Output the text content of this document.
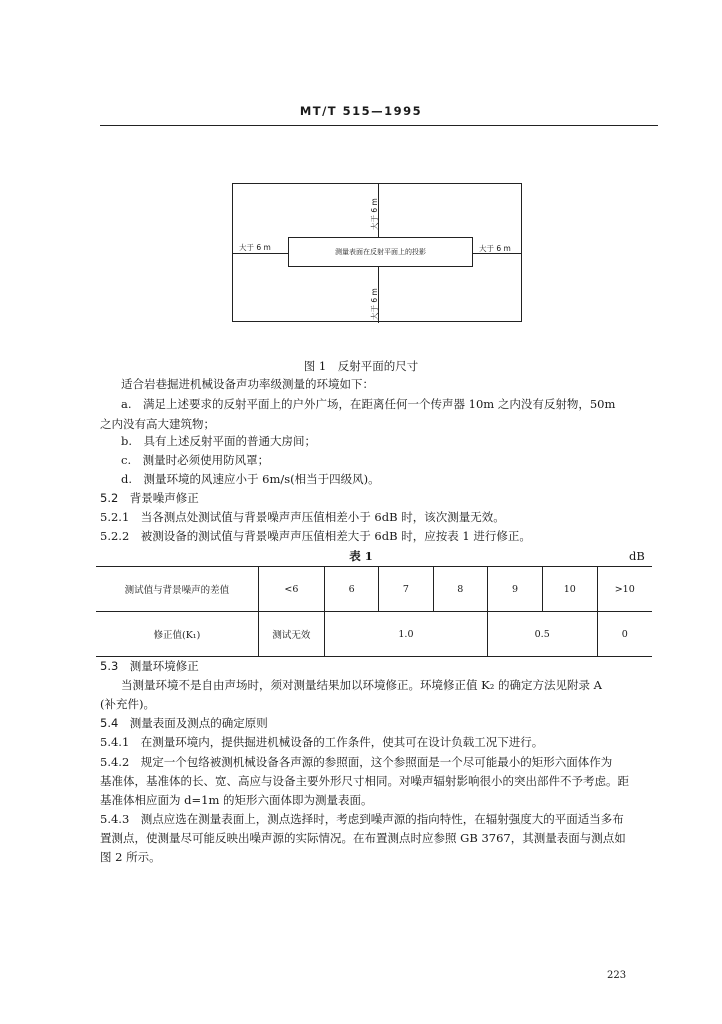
MT/T 515—1995
测量表面在反射平面上的投影
大于 6 m
大于 6 m
大于 6 m	大于 6 m
图 1　反射平面的尺寸
适合岩巷掘进机械设备声功率级测量的环境如下：
a.　满足上述要求的反射平面上的户外广场，在距离任何一个传声器 10m 之内没有反射物，50m
之内没有高大建筑物；
b.　具有上述反射平面的普通大房间；
c.　测量时必须使用防风罩；
d.　测量环境的风速应小于 6m/s(相当于四级风)。
5.2　背景噪声修正
5.2.1　当各测点处测试值与背景噪声声压值相差小于 6dB 时，该次测量无效。
5.2.2　被测设备的测试值与背景噪声声压值相差大于 6dB 时，应按表 1 进行修正。
表 1	dB
测试值与背景噪声的差值	<6	6	7	8	9	10	>10
修正值(K₁)	测试无效	1.0			0.5		0
5.3　测量环境修正
当测量环境不是自由声场时，须对测量结果加以环境修正。环境修正值 K₂ 的确定方法见附录 A
(补充件)。
5.4　测量表面及测点的确定原则
5.4.1　在测量环境内，提供掘进机械设备的工作条件，使其可在设计负载工况下进行。
5.4.2　规定一个包络被测机械设备各声源的参照面，这个参照面是一个尽可能最小的矩形六面体作为
基准体，基准体的长、宽、高应与设备主要外形尺寸相同。对噪声辐射影响很小的突出部件不予考虑。距
基准体相应面为 d=1m 的矩形六面体即为测量表面。
5.4.3　测点应选在测量表面上，测点选择时，考虑到噪声源的指向特性，在辐射强度大的平面适当多布
置测点，使测量尽可能反映出噪声源的实际情况。在布置测点时应参照 GB 3767，其测量表面与测点如
图 2 所示。
223
